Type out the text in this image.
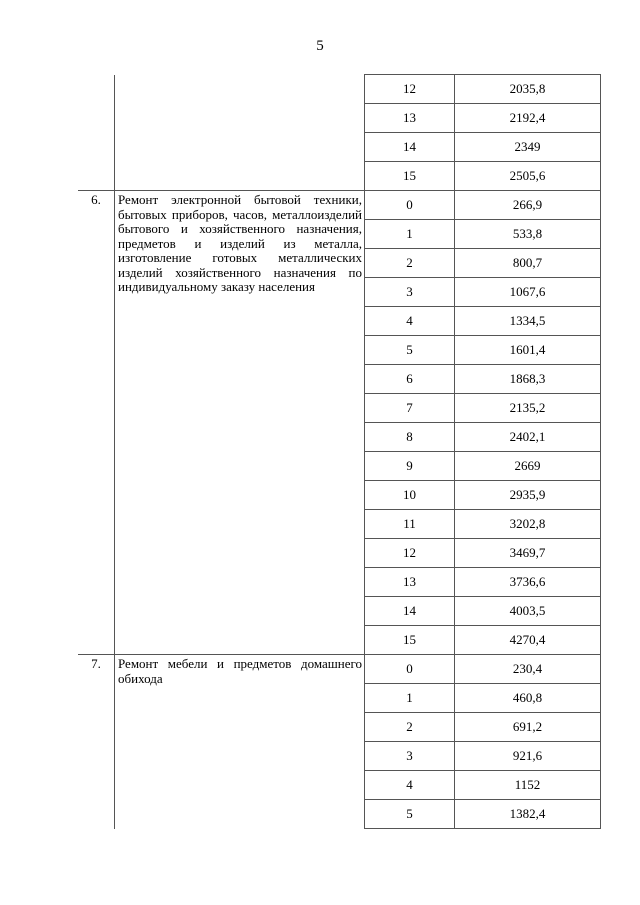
5
		12	2035,8
		13	2192,4
		14	2349
		15	2505,6
6.	Ремонт электронной бытовой техники, бытовых приборов, часов, металлоизделий бытового и хозяйственного назначения, предметов и изделий из металла, изготовление готовых металлических изделий хозяйственного назначения по индивидуальному заказу населения	0	266,9
		1	533,8
		2	800,7
		3	1067,6
		4	1334,5
		5	1601,4
		6	1868,3
		7	2135,2
		8	2402,1
		9	2669
		10	2935,9
		11	3202,8
		12	3469,7
		13	3736,6
		14	4003,5
		15	4270,4
7.	Ремонт мебели и предметов домашнего обихода	0	230,4
		1	460,8
		2	691,2
		3	921,6
		4	1152
		5	1382,4
